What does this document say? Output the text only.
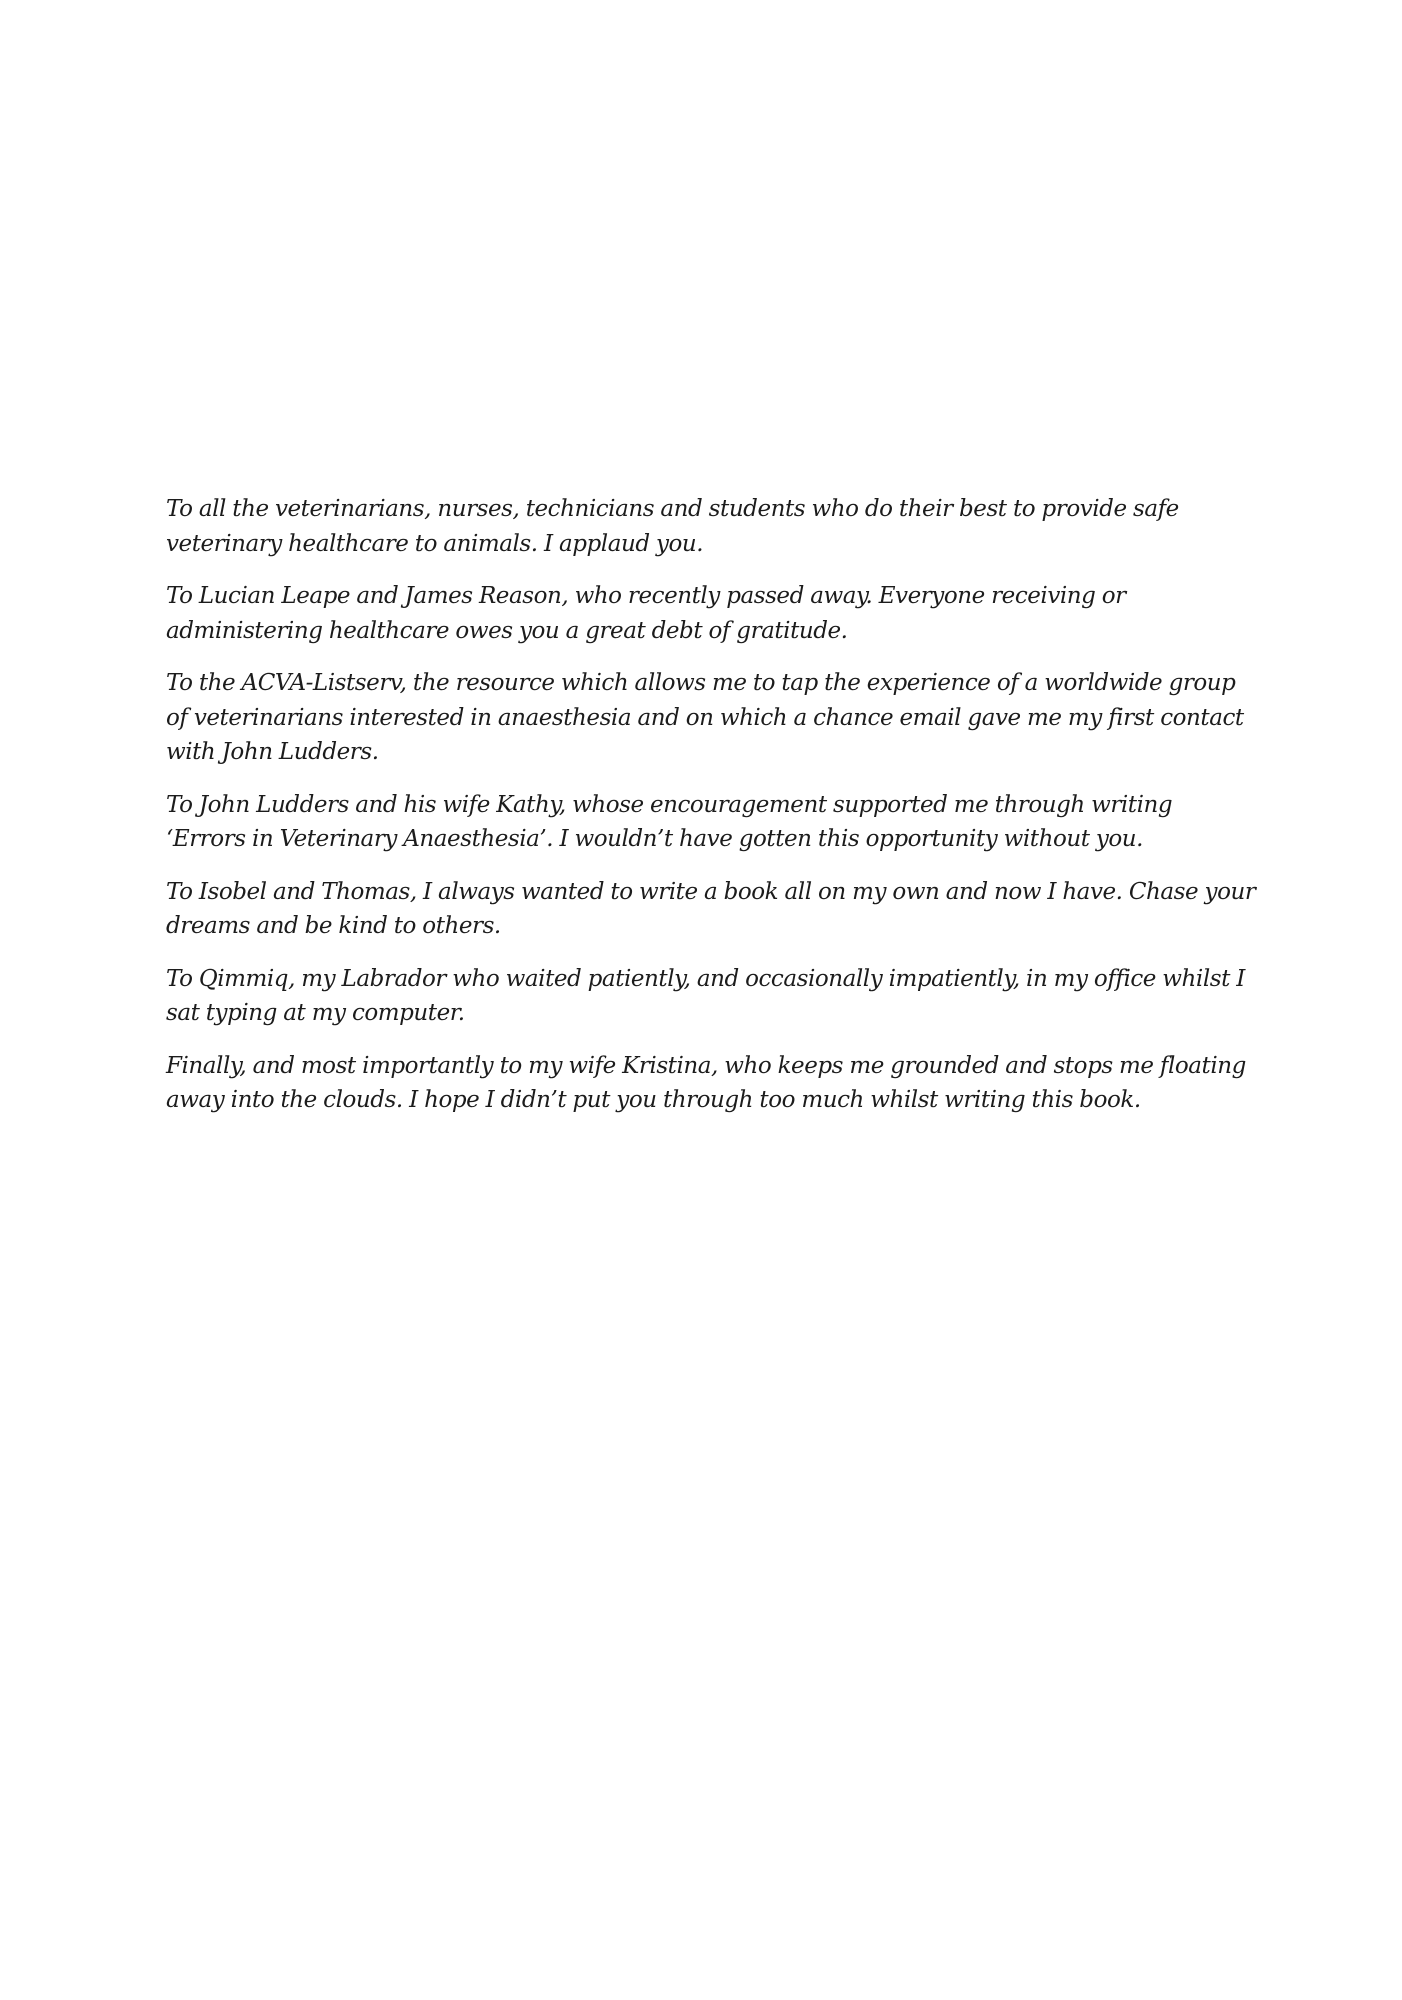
To all the veterinarians, nurses, technicians and students who do their best to provide safe veterinary healthcare to animals. I applaud you.

To Lucian Leape and James Reason, who recently passed away. Everyone receiving or administering healthcare owes you a great debt of gratitude.

To the ACVA-Listserv, the resource which allows me to tap the experience of a worldwide group of veterinarians interested in anaesthesia and on which a chance email gave me my first contact with John Ludders.

To John Ludders and his wife Kathy, whose encouragement supported me through writing ‘Errors in Veterinary Anaesthesia’. I wouldn’t have gotten this opportunity without you.

To Isobel and Thomas, I always wanted to write a book all on my own and now I have. Chase your dreams and be kind to others.

To Qimmiq, my Labrador who waited patiently, and occasionally impatiently, in my office whilst I sat typing at my computer.

Finally, and most importantly to my wife Kristina, who keeps me grounded and stops me floating away into the clouds. I hope I didn’t put you through too much whilst writing this book.
